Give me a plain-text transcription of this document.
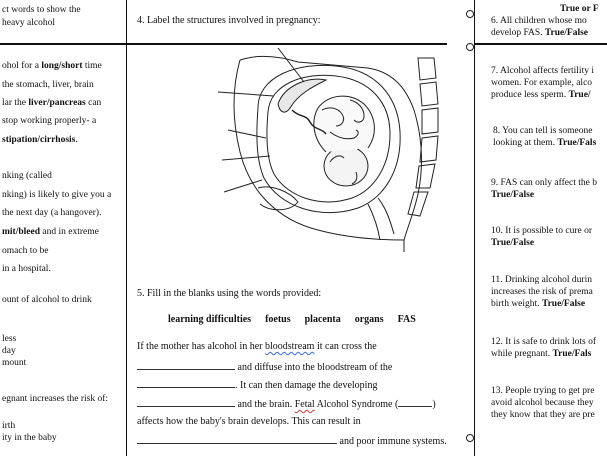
ct words to show the
heavy alcohol
ohol for a long/short time
the stomach, liver, brain
lar the liver/pancreas can
stop working properly- a
stipation/cirrhosis.
nking (called
nking) is likely to give you a
the next day (a hangover).
mit/bleed and in extreme
omach to be
in a hospital.
ount of alcohol to drink
less
day
mount
egnant increases the risk of:
irth
ity in the baby
4. Label the structures involved in pregnancy:
5. Fill in the blanks using the words provided:
learning difficulties foetus placenta organs FAS
If the mother has alcohol in her bloodstream it can cross the
and diffuse into the bloodstream of the
. It can then damage the developing
and the brain. Fetal Alcohol Syndrome (	)
affects how the baby's brain develops. This can result in
and poor immune systems.
True or F
6. All children whose mo
develop FAS. True/False
7. Alcohol affects fertility i
women. For example, alco
produce less sperm. True/
8. You can tell is someone
looking at them. True/Fals
9. FAS can only affect the b
True/False
10. It is possible to cure or
True/False
11. Drinking alcohol durin
increases the risk of prema
birth weight. True/False
12. It is safe to drink lots of
while pregnant. True/Fals
13. People trying to get pre
avoid alcohol because they
they know that they are pre
